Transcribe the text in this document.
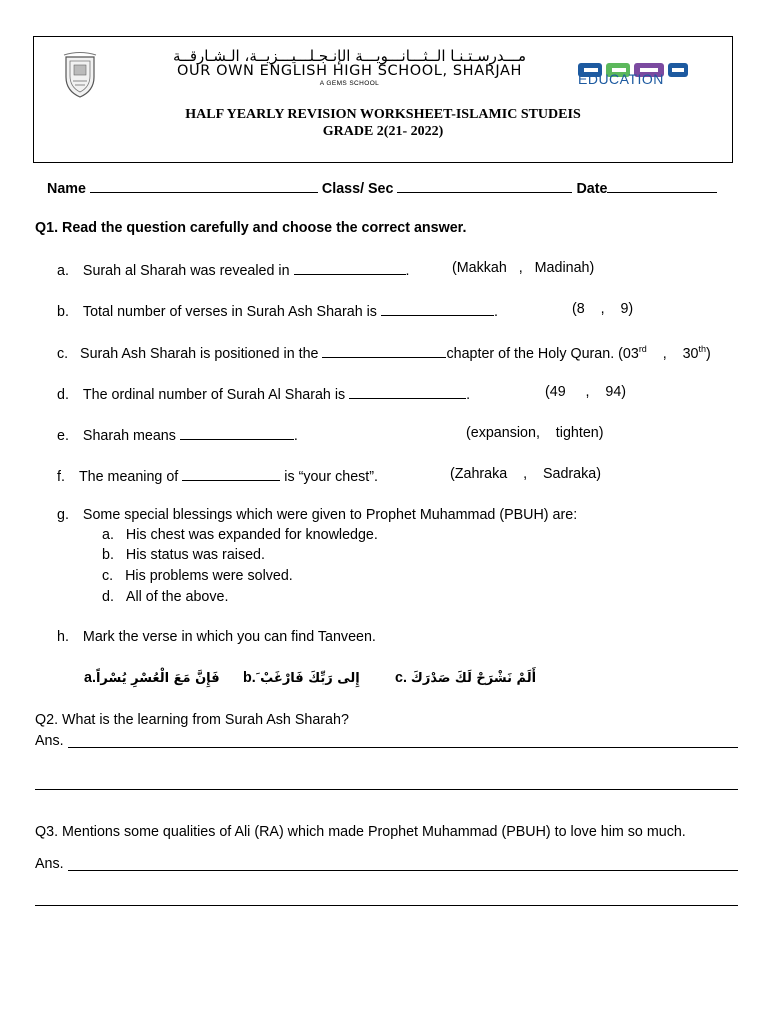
مـــدرسـتـنـا الــثـــانـــويـــة الإنـجـلـــيـــزيــة، الـشـارقــة
OUR OWN ENGLISH HIGH SCHOOL, SHARJAH
A GEMS SCHOOL	EDUCATION
HALF YEARLY REVISION WORKSHEET-ISLAMIC STUDEIS
GRADE 2(21- 2022)
Name	Class/ Sec	Date
Q1. Read the question carefully and choose the correct answer.
a. Surah al Sharah was revealed in	.	(Makkah   ,   Madinah)
b. Total number of verses in Surah Ash Sharah is	.	(8    ,    9)
c. Surah Ash Sharah is positioned in the	chapter of the Holy Quran. (03rd    ,    30th)
d. The ordinal number of Surah Al Sharah is	.	(49     ,    94)
e. Sharah means	.	(expansion,    tighten)
f. The meaning of	is “your chest”.	(Zahraka    ,    Sadraka)
g. Some special blessings which were given to Prophet Muhammad (PBUH) are:
a. His chest was expanded for knowledge.
b. His status was raised.
c. His problems were solved.
d. All of the above.
h. Mark the verse in which you can find Tanveen.
a.فَإِنَّ مَعَ الْعُسْرِ يُسْراً b.َ إِلى رَبِّكَ فَارْغَبْ c. أَلَمْ نَشْرَحْ لَكَ صَدْرَكَ
Q2. What is the learning from Surah Ash Sharah?
Ans.
Q3. Mentions some qualities of Ali (RA) which made Prophet Muhammad (PBUH) to love him so much.
Ans.
